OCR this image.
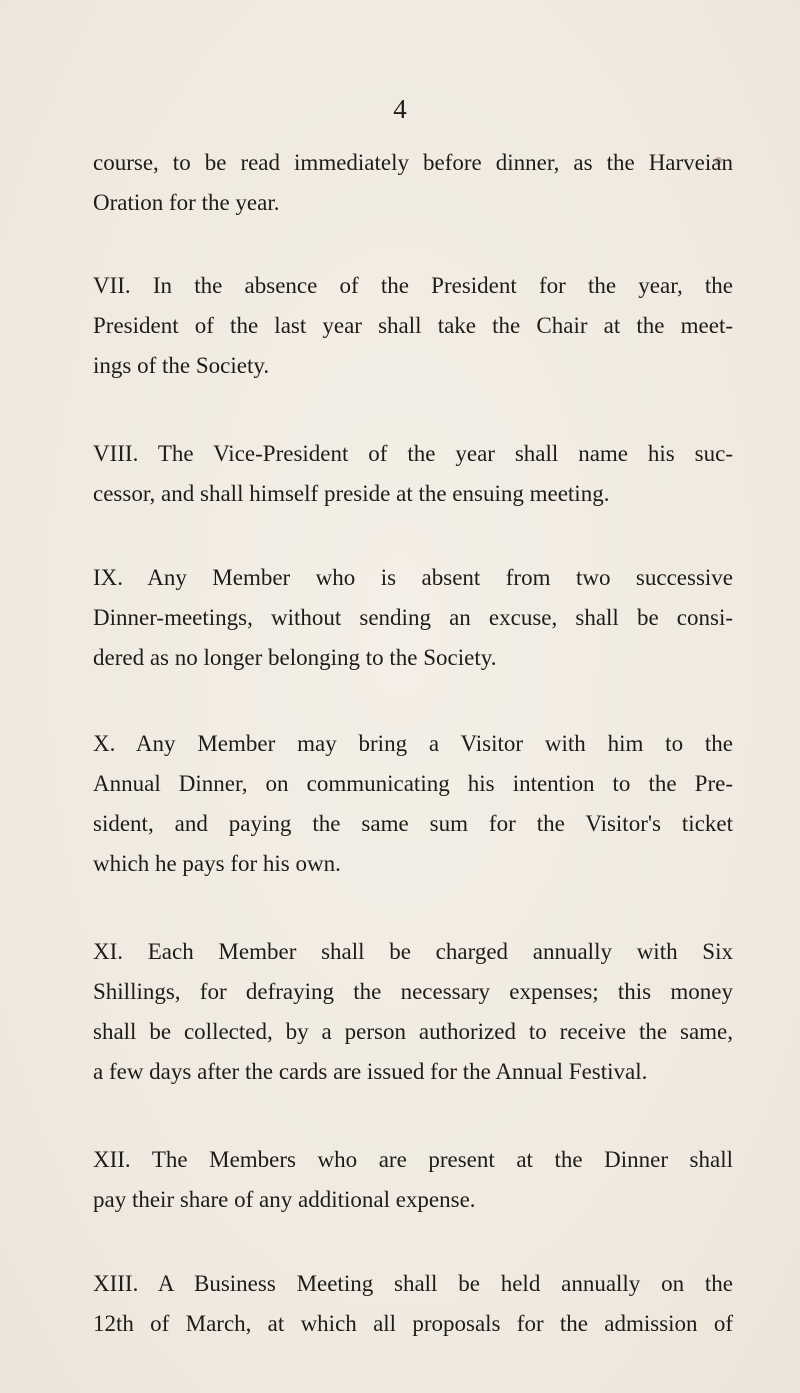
4
course, to be read immediately before dinner, as the Harveian
Oration for the year.
VII. In the absence of the President for the year, the
President of the last year shall take the Chair at the meet-
ings of the Society.
VIII. The Vice-President of the year shall name his suc-
cessor, and shall himself preside at the ensuing meeting.
IX. Any Member who is absent from two successive
Dinner-meetings, without sending an excuse, shall be consi-
dered as no longer belonging to the Society.
X. Any Member may bring a Visitor with him to the
Annual Dinner, on communicating his intention to the Pre-
sident, and paying the same sum for the Visitor's ticket
which he pays for his own.
XI. Each Member shall be charged annually with Six
Shillings, for defraying the necessary expenses; this money
shall be collected, by a person authorized to receive the same,
a few days after the cards are issued for the Annual Festival.
XII. The Members who are present at the Dinner shall
pay their share of any additional expense.
XIII. A Business Meeting shall be held annually on the
12th of March, at which all proposals for the admission of
